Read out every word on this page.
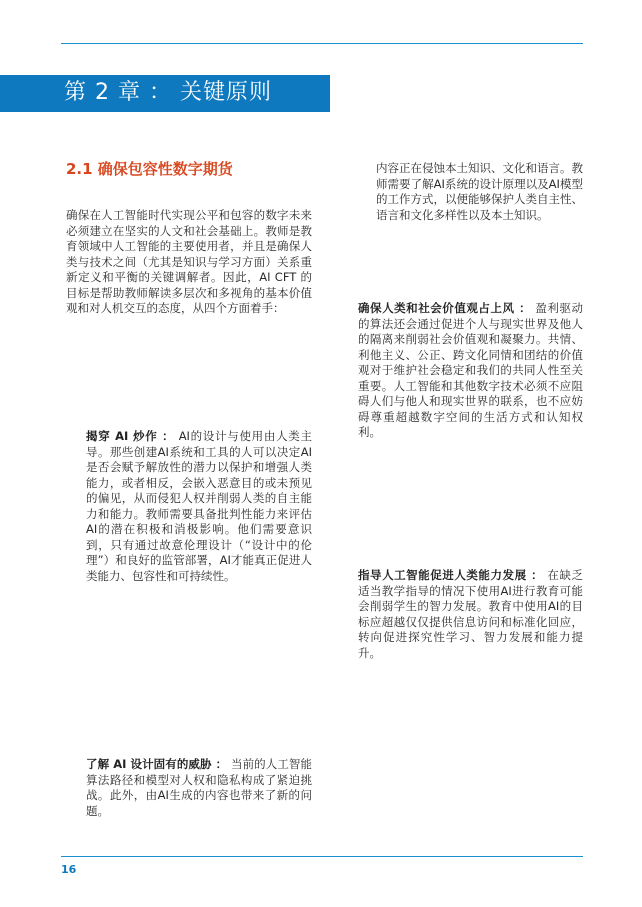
第 2 章 ： 关键原则
2.1 确保包容性数字期货
确保在人工智能时代实现公平和包容的数字未来必须建立在坚实的人文和社会基础上。教师是教育领域中人工智能的主要使用者，并且是确保人类与技术之间（尤其是知识与学习方面）关系重新定义和平衡的关键调解者。因此，AI CFT 的目标是帮助教师解读多层次和多视角的基本价值观和对人机交互的态度，从四个方面着手：
揭穿 AI 炒作 ： AI的设计与使用由人类主导。那些创建AI系统和工具的人可以决定AI是否会赋予解放性的潜力以保护和增强人类能力，或者相反，会嵌入恶意目的或未预见的偏见，从而侵犯人权并削弱人类的自主能力和能力。教师需要具备批判性能力来评估AI的潜在积极和消极影响。他们需要意识到，只有通过故意伦理设计（“设计中的伦理”）和良好的监管部署，AI才能真正促进人类能力、包容性和可持续性。
了解 AI 设计固有的威胁 ： 当前的人工智能算法路径和模型对人权和隐私构成了紧迫挑战。此外，由AI生成的内容也带来了新的问题。
内容正在侵蚀本土知识、文化和语言。教师需要了解AI系统的设计原理以及AI模型的工作方式，以便能够保护人类自主性、语言和文化多样性以及本土知识。
确保人类和社会价值观占上风 ： 盈利驱动的算法还会通过促进个人与现实世界及他人的隔离来削弱社会价值观和凝聚力。共情、利他主义、公正、跨文化同情和团结的价值观对于维护社会稳定和我们的共同人性至关重要。人工智能和其他数字技术必须不应阻碍人们与他人和现实世界的联系，也不应妨碍尊重超越数字空间的生活方式和认知权利。
指导人工智能促进人类能力发展 ： 在缺乏适当教学指导的情况下使用AI进行教育可能会削弱学生的智力发展。教育中使用AI的目标应超越仅仅提供信息访问和标准化回应，转向促进探究性学习、智力发展和能力提升。
16
